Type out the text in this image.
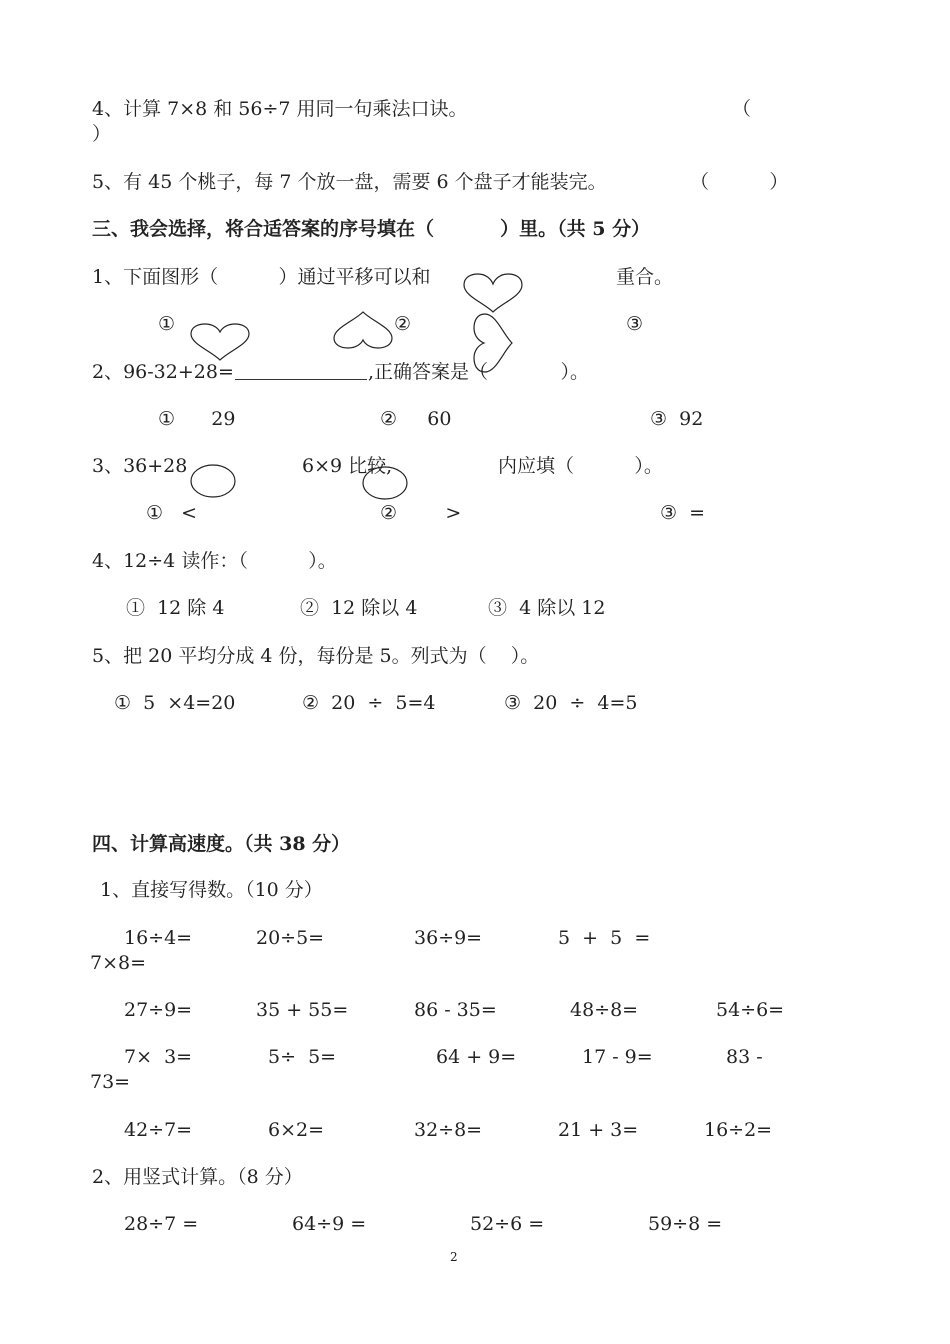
4、计算 7×8 和 56÷7 用同一句乘法口诀。	（
）
5、有 45 个桃子，每 7 个放一盘，需要 6 个盘子才能装完。	（          ）
三、我会选择，将合适答案的序号填在（          ）里。（共 5 分）
1、下面图形（          ）通过平移可以和	重合。
①	②	③
2、96-32+28=	,正确答案是（            ）。
①      29	②     60	③  92
3、36+28	6×9 比较,	内应填（          ）。
①   <	②        >	③  =
4、12÷4 读作：（          ）。
①  12 除 4	②  12 除以 4	③  4 除以 12
5、把 20 平均分成 4 份，每份是 5。列式为（    ）。
①  5  ×4=20	②  20  ÷  5=4	③  20  ÷  4=5
四、计算高速度。（共 38 分）
1、直接写得数。（10 分）
16÷4=	20÷5=	36÷9=	5  +  5  =
7×8=
27÷9=	35 + 55=	86 - 35=	48÷8=	54÷6=
7×  3=	5÷  5=	64 + 9=	17 - 9=	83 -
73=
42÷7=	6×2=	32÷8=	21 + 3=	16÷2=
2、用竖式计算。（8 分）
28÷7 =	64÷9 =	52÷6 =	59÷8 =
2
